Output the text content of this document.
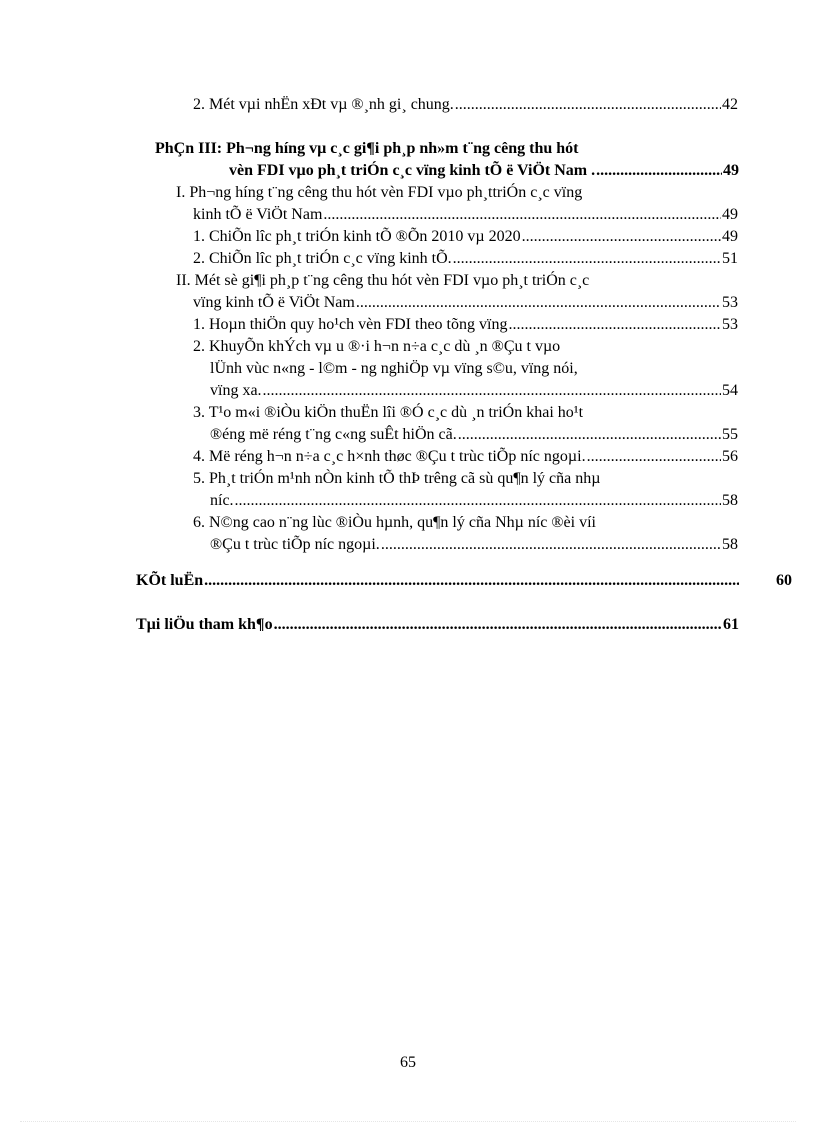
2. Mét vµi nhËn xÐt vµ ®¸nh gi¸ chung. .....	42
PhÇn III: Ph¬ng híng vµ c¸c gi¶i ph¸p nh»m t¨ng cêng thu hót
vèn FDI vµo ph¸t triÓn c¸c vïng kinh tÕ ë ViÖt Nam . .....	49
I. Ph¬ng híng t¨ng cêng thu hót vèn FDI vµo ph¸ttriÓn c¸c vïng
kinh tÕ ë ViÖt Nam .....	49
1. ChiÕn lîc ph¸t triÓn kinh tÕ ®Õn 2010 vµ 2020 .....	49
2. ChiÕn lîc ph¸t triÓn c¸c vïng kinh tÕ. .....	51
II. Mét sè gi¶i ph¸p t¨ng cêng thu hót vèn FDI vµo ph¸t triÓn c¸c
vïng kinh tÕ ë ViÖt Nam .....	53
1. Hoµn thiÖn quy ho¹ch vèn FDI theo tõng vïng .....	53
2. KhuyÕn khÝch vµ u ®·i h¬n n÷a c¸c dù ¸n ®Çu t vµo
lÜnh vùc n«ng - l©m - ng nghiÖp vµ vïng s©u, vïng nói,
vïng xa. .....	54
3. T¹o m«i ®iÒu kiÖn thuËn lîi ®Ó c¸c dù ¸n triÓn khai ho¹t
®éng më réng t¨ng c«ng suÊt hiÖn cã. .....	55
4. Më réng h¬n n÷a c¸c h×nh thøc ®Çu t trùc tiÕp níc ngoµi. .....	56
5. Ph¸t triÓn m¹nh nÒn kinh tÕ thÞ trêng cã sù qu¶n lý cña nhµ
níc. .....	58
6. N©ng cao n¨ng lùc ®iÒu hµnh, qu¶n lý cña Nhµ níc ®èi víi
®Çu t trùc tiÕp níc ngoµi. .....	58
KÕt luËn .....	60
Tµi liÖu tham kh¶o .....	61
65
